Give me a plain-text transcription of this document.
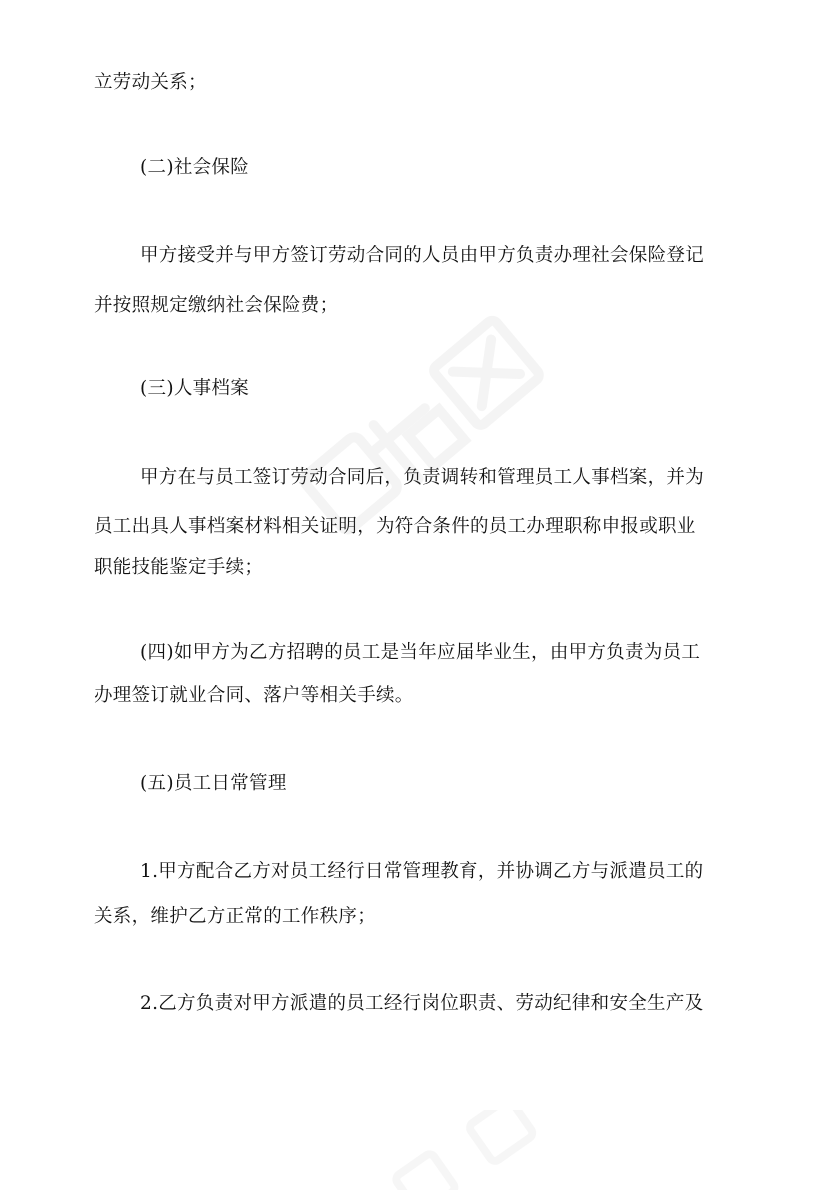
立劳动关系；
(二)社会保险
甲方接受并与甲方签订劳动合同的人员由甲方负责办理社会保险登记
并按照规定缴纳社会保险费；
(三)人事档案
甲方在与员工签订劳动合同后，负责调转和管理员工人事档案，并为
员工出具人事档案材料相关证明，为符合条件的员工办理职称申报或职业
职能技能鉴定手续；
(四)如甲方为乙方招聘的员工是当年应届毕业生，由甲方负责为员工
办理签订就业合同、落户等相关手续。
(五)员工日常管理
1.甲方配合乙方对员工经行日常管理教育，并协调乙方与派遣员工的
关系，维护乙方正常的工作秩序；
2.乙方负责对甲方派遣的员工经行岗位职责、劳动纪律和安全生产及
